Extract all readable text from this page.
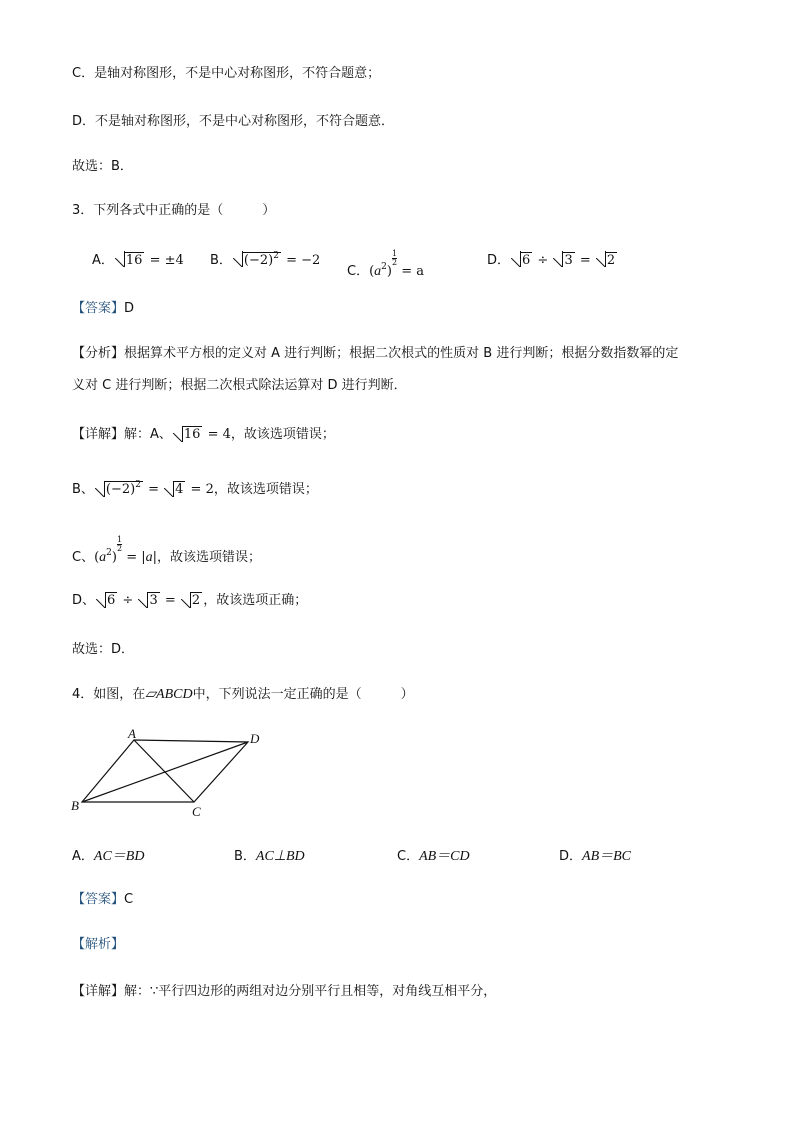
C．是轴对称图形，不是中心对称图形，不符合题意；
D．不是轴对称图形，不是中心对称图形，不符合题意．
故选：B．
3．下列各式中正确的是（　　　）
A． 16 = ±4 B． $(-2)^2 = -2$
C．$(a^2)$
$\frac{1}{2} = a$
D． 6 ÷ 3 = 2
【答案】D
【分析】根据算术平方根的定义对 A 进行判断；根据二次根式的性质对 B 进行判断；根据分数指数幂的定
义对 C 进行判断；根据二次根式除法运算对 D 进行判断．
【详解】解：A、 16 = 4，故该选项错误；
B、 $(-2)^2 = 4 = 2$，故该选项错误；
C、$(a^2)$
$\frac{1}{2} = |a|$，故该选项错误；
D、 6 ÷ 3 = 2 ，故该选项正确；
故选：D．
4．如图，在▱ABCD中，下列说法一定正确的是（　　　）
A	D
B	C
A．AC＝BD	B．AC⊥BD	C．AB＝CD	D．AB＝BC
【答案】C
【解析】
【详解】解：∵平行四边形的两组对边分别平行且相等，对角线互相平分，
